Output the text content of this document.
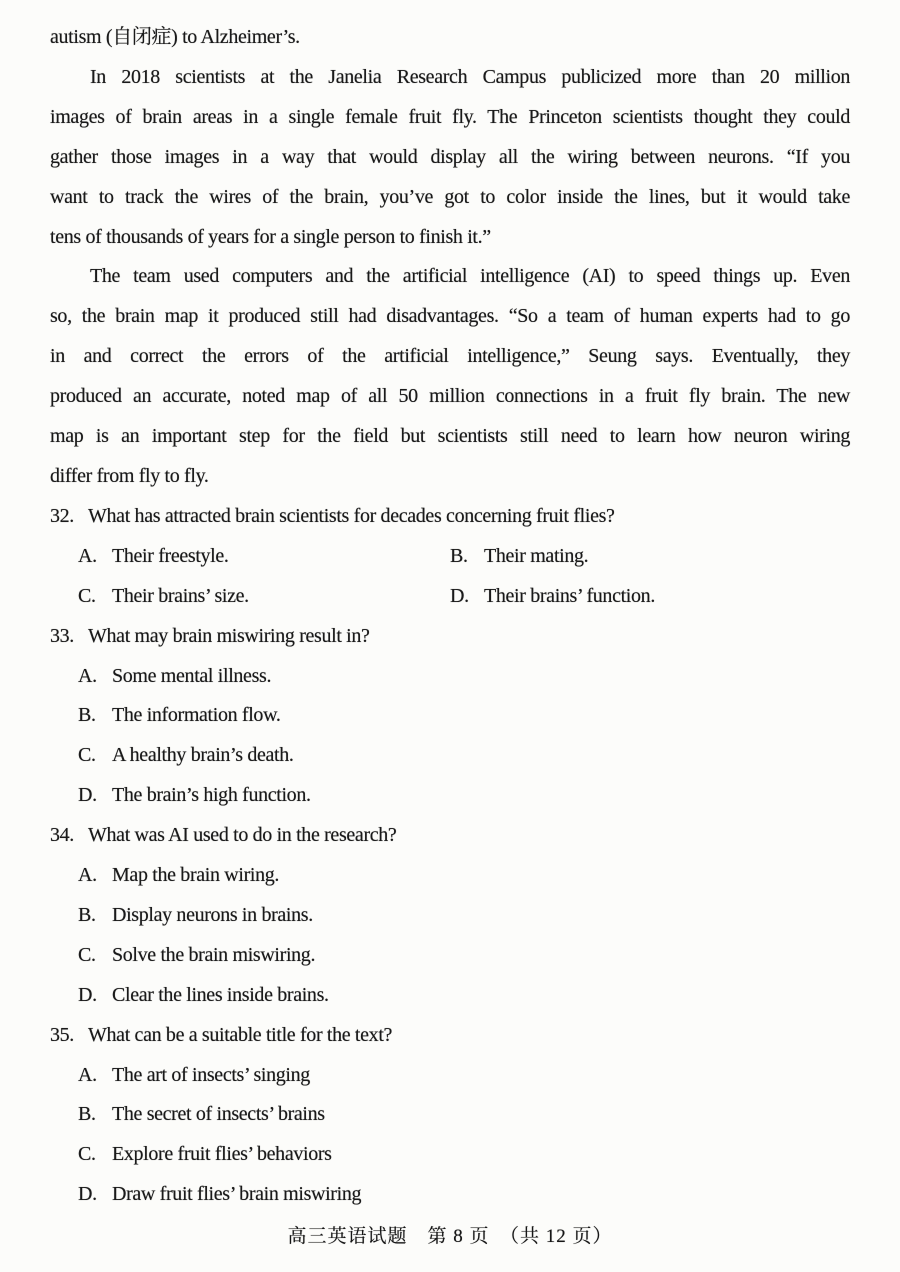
autism (自闭症) to Alzheimer’s.
In 2018 scientists at the Janelia Research Campus publicized more than 20 million
images of brain areas in a single female fruit fly. The Princeton scientists thought they could
gather those images in a way that would display all the wiring between neurons. “If you
want to track the wires of the brain, you’ve got to color inside the lines, but it would take
tens of thousands of years for a single person to finish it.”
The team used computers and the artificial intelligence (AI) to speed things up. Even
so, the brain map it produced still had disadvantages. “So a team of human experts had to go
in and correct the errors of the artificial intelligence,” Seung says. Eventually, they
produced an accurate, noted map of all 50 million connections in a fruit fly brain. The new
map is an important step for the field but scientists still need to learn how neuron wiring
differ from fly to fly.
32. What has attracted brain scientists for decades concerning fruit flies?
A. Their freestyle.	B. Their mating.
C. Their brains’ size.	D. Their brains’ function.
33. What may brain miswiring result in?
A. Some mental illness.
B. The information flow.
C. A healthy brain’s death.
D. The brain’s high function.
34. What was AI used to do in the research?
A. Map the brain wiring.
B. Display neurons in brains.
C. Solve the brain miswiring.
D. Clear the lines inside brains.
35. What can be a suitable title for the text?
A. The art of insects’ singing
B. The secret of insects’ brains
C. Explore fruit flies’ behaviors
D. Draw fruit flies’ brain miswiring
高三英语试题　第 8 页　（共 12 页）
